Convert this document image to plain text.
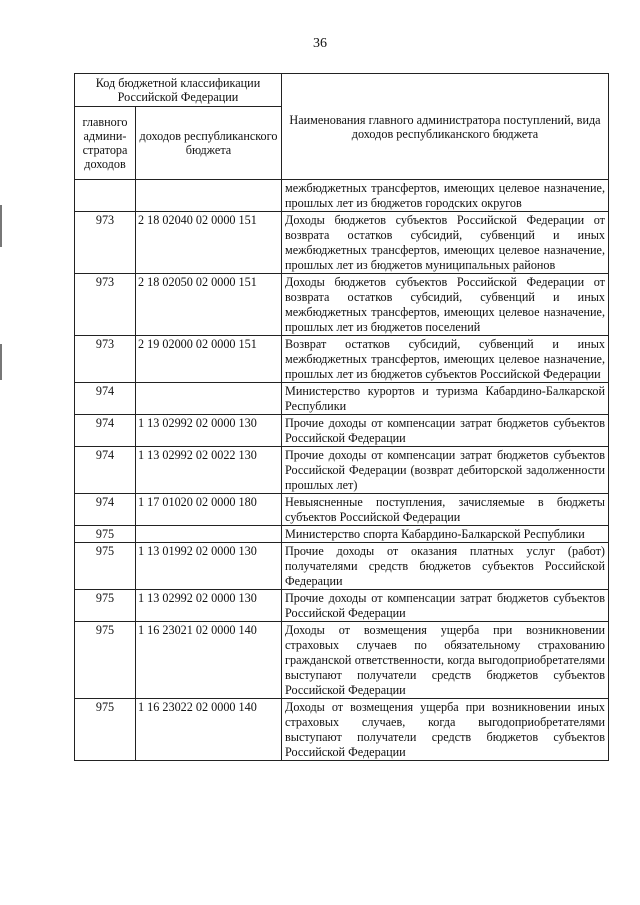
36
Код бюджетной классификации Российской Федерации		Наименования главного администратора поступлений, вида доходов республиканского бюджета
главного админи-стратора доходов	доходов республиканского бюджета	
		межбюджетных трансфертов, имеющих целевое назначение, прошлых лет из бюджетов городских округов
973	2 18 02040 02 0000 151	Доходы бюджетов субъектов Российской Федерации от возврата остатков субсидий, субвенций и иных межбюджетных трансфертов, имеющих целевое назначение, прошлых лет из бюджетов муниципальных районов
973	2 18 02050 02 0000 151	Доходы бюджетов субъектов Российской Федерации от возврата остатков субсидий, субвенций и иных межбюджетных трансфертов, имеющих целевое назначение, прошлых лет из бюджетов поселений
973	2 19 02000 02 0000 151	Возврат остатков субсидий, субвенций и иных межбюджетных трансфертов, имеющих целевое назначение, прошлых лет из бюджетов субъектов Российской Федерации
974		Министерство курортов и туризма Кабардино-Балкарской Республики
974	1 13 02992 02 0000 130	Прочие доходы от компенсации затрат бюджетов субъектов Российской Федерации
974	1 13 02992 02 0022 130	Прочие доходы от компенсации затрат бюджетов субъектов Российской Федерации (возврат дебиторской задолженности прошлых лет)
974	1 17 01020 02 0000 180	Невыясненные поступления, зачисляемые в бюджеты субъектов Российской Федерации
975		Министерство спорта Кабардино-Балкарской Республики
975	1 13 01992 02 0000 130	Прочие доходы от оказания платных услуг (работ) получателями средств бюджетов субъектов Российской Федерации
975	1 13 02992 02 0000 130	Прочие доходы от компенсации затрат бюджетов субъектов Российской Федерации
975	1 16 23021 02 0000 140	Доходы от возмещения ущерба при возникновении страховых случаев по обязательному страхованию гражданской ответственности, когда выгодоприобретателями выступают получатели средств бюджетов субъектов Российской Федерации
975	1 16 23022 02 0000 140	Доходы от возмещения ущерба при возникновении иных страховых случаев, когда выгодоприобретателями выступают получатели средств бюджетов субъектов Российской Федерации
